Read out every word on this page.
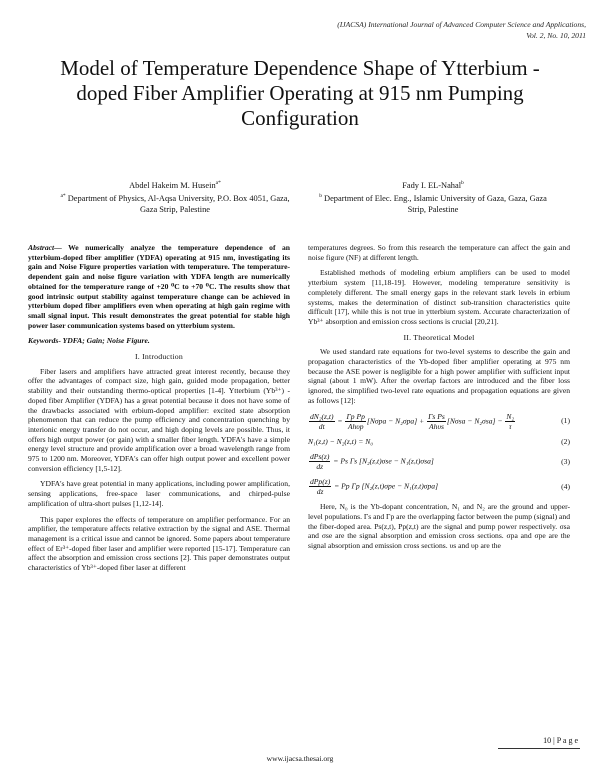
(IJACSA) International Journal of Advanced Computer Science and Applications,
Vol. 2, No. 10, 2011
Model of Temperature Dependence Shape of Ytterbium -doped Fiber Amplifier Operating at 915 nm Pumping Configuration
Abdel Hakeim M. Husein$^{a*}$
$^{a*}$ Department of Physics, Al-Aqsa University, P.O. Box 4051, Gaza, Gaza Strip, Palestine
Fady I. EL-Nahal$^b$
$^b$ Department of Elec. Eng., Islamic University of Gaza, Gaza, Gaza Strip, Palestine

Abstract— We numerically analyze the temperature dependence of an ytterbium-doped fiber amplifier (YDFA) operating at 915 nm, investigating its gain and Noise Figure properties variation with temperature. The temperature-dependent gain and noise figure variation with YDFA length are numerically obtained for the temperature range of +20 ⁰C to +70 ⁰C. The results show that good intrinsic output stability against temperature change can be achieved in ytterbium doped fiber amplifiers even when operating at high gain regime with small signal input. This result demonstrates the great potential for stable high power laser communication systems based on ytterbium system.

Keywords- YDFA; Gain; Noise Figure.

I. Introduction

Fiber lasers and amplifiers have attracted great interest recently, because they offer the advantages of compact size, high gain, guided mode propagation, better stability and their outstanding thermo-optical properties [1-4]. Ytterbium (Yb³⁺) -doped fiber Amplifier (YDFA) has a great potential because it does not have some of the drawbacks associated with erbium-doped amplifier: excited state absorption phenomenon that can reduce the pump efficiency and concentration quenching by interionic energy transfer do not occur, and high doping levels are possible. Thus, it offers high output power (or gain) with a smaller fiber length. YDFA's have a simple energy level structure and provide amplification over a broad wavelength range from 975 to 1200 nm. Moreover, YDFA's can offer high output power and excellent power conversion efficiency [1,5-12].

YDFA's have great potential in many applications, including power amplification, sensing applications, free-space laser communications, and chirped-pulse amplification of ultra-short pulses [1,12-14].

This paper explores the effects of temperature on amplifier performance. For an amplifier, the temperature affects relative extraction by the signal and ASE. Thermal management is a critical issue and cannot be ignored. Some papers about temperature effect of Er³⁺-doped fiber laser and amplifier were reported [15-17]. Temperature can affect the absorption and emission cross sections [2]. This paper demonstrates output characteristics of Yb³⁺-doped fiber laser at different

temperatures degrees. So from this research the temperature can affect the gain and noise figure (NF) at different length.

Established methods of modeling erbium amplifiers can be used to model ytterbium system [11,18-19]. However, modeling temperature sensitivity is completely different. The small energy gaps in the relevant stark levels in erbium systems, makes the determination of distinct sub-transition characteristics quite difficult [17], while this is not true in ytterbium system. Accurate characterization of Yb³⁺ absorption and emission cross sections is crucial [20,21].

II. Theoretical Model

We used standard rate equations for two-level systems to describe the gain and propagation characteristics of the Yb-doped fiber amplifier operating at 975 nm because the ASE power is negligible for a high power amplifier with sufficient input signal (about 1 mW). After the overlap factors are introduced and the fiber loss ignored, the simplified two-level rate equations and propagation equations are given as follows [12]:

$\frac{\text{dN₂(z,t)}}{dt} = \frac{\text{Γp Pp}}{\text{Ahυp}} [N\sigma pa - N_2\sigma pa] + \frac{\text{Γs Ps}}{\text{Ahυs}} [N\sigma sa - N_2\sigma sa] - \frac{\text{N₂}}{\tau}$	(1)
N₁(z,t) − N₂(z,t) = N₀	(2)
$\frac{\text{dPs(z)}}{dz} = Ps$ Γs [N₂(z,t)σse − N₁(z,t)σsa]	(3)
$\frac{\text{dPp(z)}}{dz} = Pp$ Γp [N₂(z,t)σpe − N₁(z,t)σpa]	(4)

Here, N₀ is the Yb-dopant concentration, N₁ and N₂ are the ground and upper-level populations. Γs and Γp are the overlapping factor between the pump (signal) and the fiber-doped area. Ps(z,t), Pp(z,t) are the signal and pump power respectively. σsa and σse are the signal absorption and emission cross sections. σpa and σpe are the signal absorption and emission cross sections. υs and υp are the

10 | P a g e
www.ijacsa.thesai.org
